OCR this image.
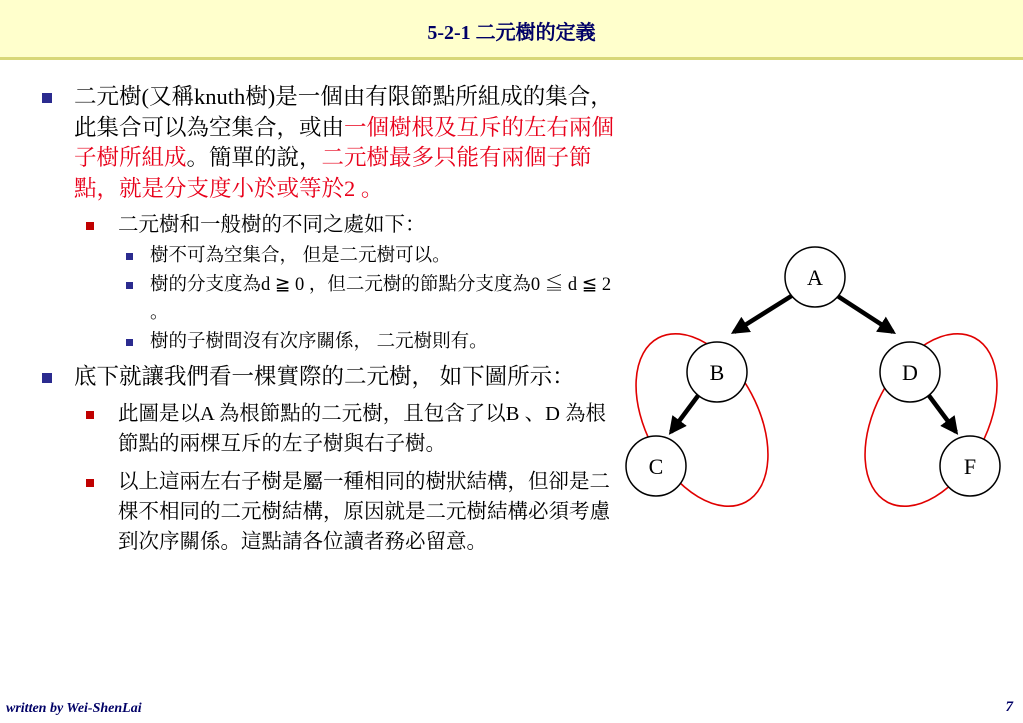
5-2-1 二元樹的定義
二元樹(又稱knuth樹)是一個由有限節點所組成的集合，此集合可以為空集合，或由一個樹根及互斥的左右兩個子樹所組成。簡單的說，二元樹最多只能有兩個子節點，就是分支度小於或等於2 。
二元樹和一般樹的不同之處如下：
樹不可為空集合， 但是二元樹可以。
樹的分支度為d ≧ 0 ，但二元樹的節點分支度為0 ≦ d ≦ 2 。
樹的子樹間沒有次序關係， 二元樹則有。
底下就讓我們看一棵實際的二元樹， 如下圖所示：
此圖是以A 為根節點的二元樹，且包含了以B 、D 為根節點的兩棵互斥的左子樹與右子樹。
以上這兩左右子樹是屬一種相同的樹狀結構，但卻是二棵不相同的二元樹結構，原因就是二元樹結構必須考慮到次序關係。這點請各位讀者務必留意。
A
B	D
C	F
written by Wei-ShenLai	7
